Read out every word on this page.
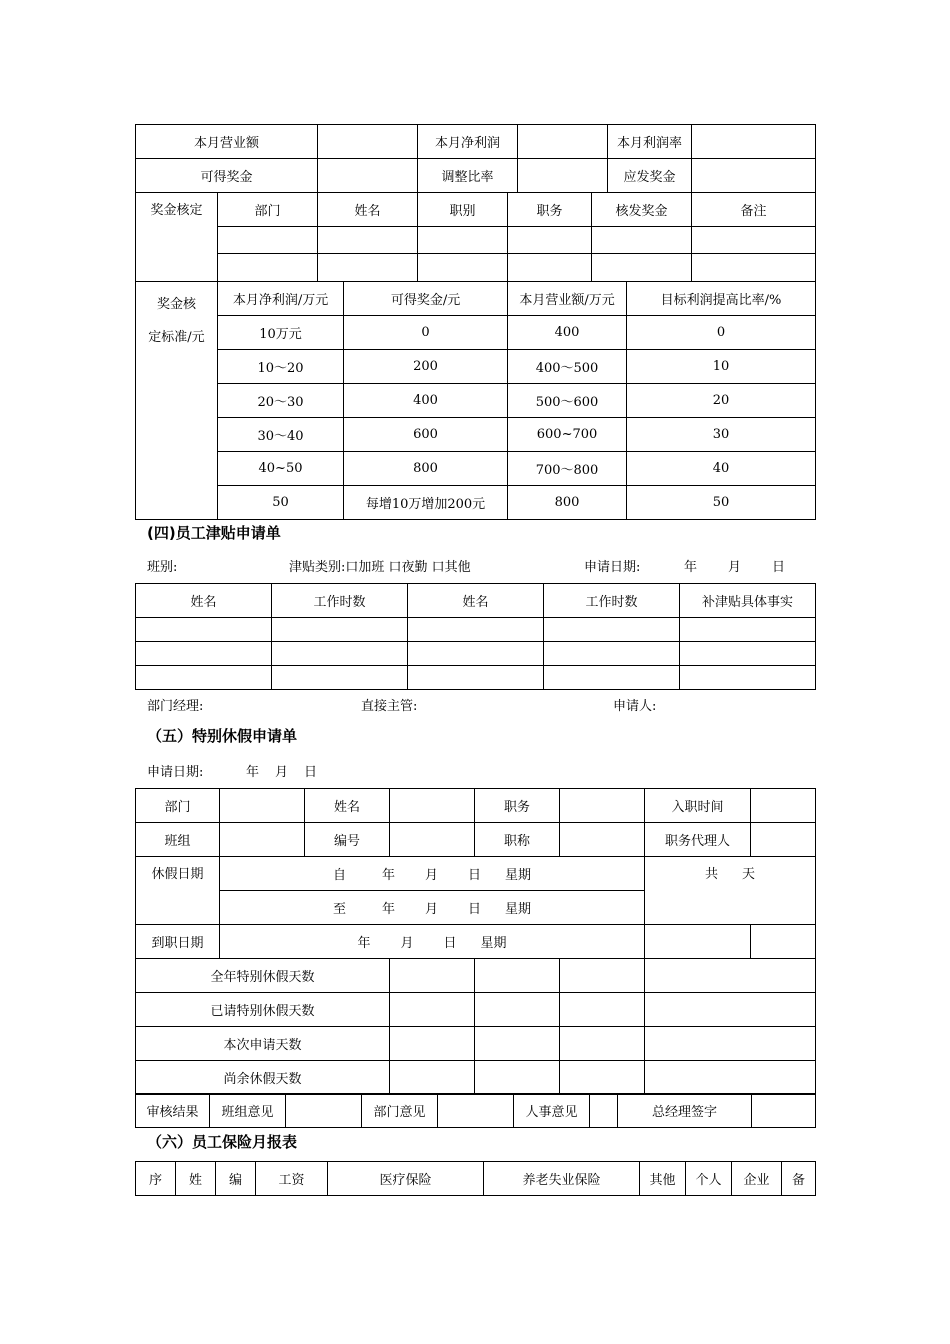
本月营业额				本月净利润				本月利润率		
可得奖金				调整比率				应发奖金		
奖金核定	部门	姓名		职别	职务		核发奖金			备注

奖金核
定标准/元	本月净利润/万元		可得奖金/元		本月营业额/万元				目标利润提高比率/%	
	10万元		0		400				0	
	10～20		200		400～500				10	
	20～30		400		500～600				20	
	30～40		600		600~700				30	
	40~50		800		700～800				40	
	50		每增10万增加200元		800				50	
(四)员工津贴申请单
班别:	津贴类别:口加班 口夜勤 口其他	申请日期:	年 月 日
姓名	工作时数	姓名	工作时数	补津贴具体事实

部门经理:	直接主管:	申请人:
（五）特别休假申请单
申请日期:	年 月 日
部门		姓名		职务		入职时间	
班组		编号		职称		职务代理人	
休假日期	自 年 月 日 星期					共 天	
	至 年 月 日 星期						
到职日期	年 月 日 星期						
全年特别休假天数							
已请特别休假天数							
本次申请天数							
尚余休假天数							
审核结果	班组意见		部门意见		人事意见		总经理签字	
（六）员工保险月报表
序	姓	编	工资	医疗保险	养老失业保险	其他	个人	企业	备
